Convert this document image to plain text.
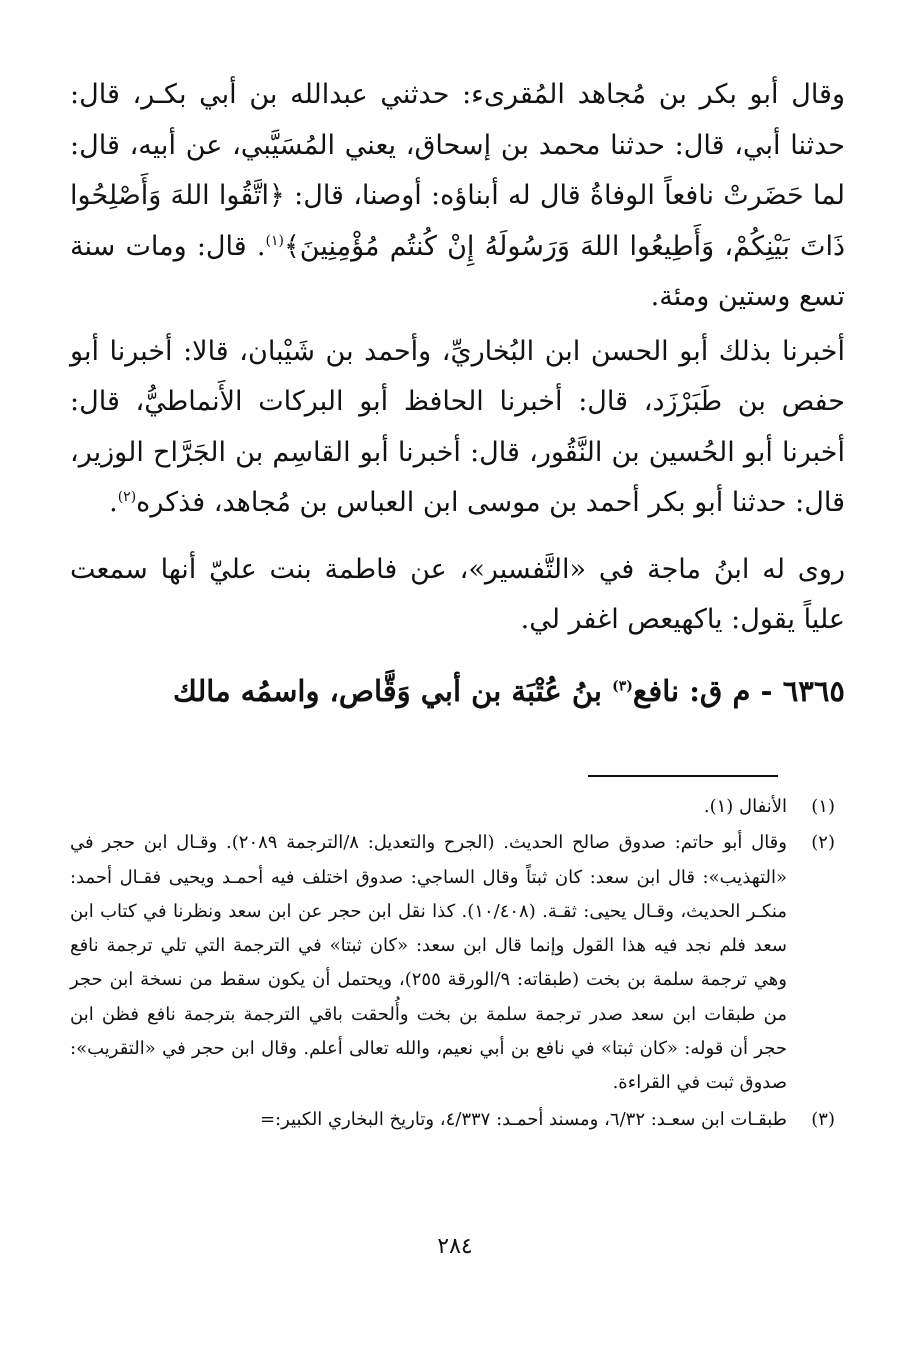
وقال أبو بكر بن مُجاهد المُقرىء: حدثني عبدالله بن أبي بكـر، قال: حدثنا أبي، قال: حدثنا محمد بن إسحاق، يعني المُسَيَّبي، عن أبيه، قال: لما حَضَرتْ نافعاً الوفاةُ قال له أبناؤه: أوصنا، قال: ﴿اتَّقُوا اللهَ وَأَصْلِحُوا ذَاتَ بَيْنِكُمْ، وَأَطِيعُوا اللهَ وَرَسُولَهُ إِنْ كُنتُم مُؤْمِنِينَ﴾$^{(١)}$. قال: ومات سنة تسع وستين ومئة.

أخبرنا بذلك أبو الحسن ابن البُخاريِّ، وأحمد بن شَيْبان، قالا: أخبرنا أبو حفص بن طَبَرْزَد، قال: أخبرنا الحافظ أبو البركات الأَنماطيُّ، قال: أخبرنا أبو الحُسين بن النَّقُور، قال: أخبرنا أبو القاسِم بن الجَرَّاح الوزير، قال: حدثنا أبو بكر أحمد بن موسى ابن العباس بن مُجاهد، فذكره$^{(٢)}$.

روى له ابنُ ماجة في «التَّفسير»، عن فاطمة بنت عليّ أنها سمعت علياً يقول: ياكهيعص اغفر لي.

٦٣٦٥ - م ق: نافع$^{(٣)}$ بنُ عُتْبَة بن أبي وَقَّاص، واسمُه مالك

(١)
الأنفال (١).
(٢)
وقال أبو حاتم: صدوق صالح الحديث. (الجرح والتعديل: ٨/الترجمة ٢٠٨٩). وقـال ابن حجر في «التهذيب»: قال ابن سعد: كان ثبتاً وقال الساجي: صدوق اختلف فيه أحمـد ويحيى فقـال أحمد: منكـر الحديث، وقـال يحيى: ثقـة. (١٠/٤٠٨). كذا نقل ابن حجر عن ابن سعد ونظرنا في كتاب ابن سعد فلم نجد فيه هذا القول وإنما قال ابن سعد: «كان ثبتا» في الترجمة التي تلي ترجمة نافع وهي ترجمة سلمة بن بخت (طبقاته: ٩/الورقة ٢٥٥)، ويحتمل أن يكون سقط من نسخة ابن حجر من طبقات ابن سعد صدر ترجمة سلمة بن بخت وأُلحقت باقي الترجمة بترجمة نافع فظن ابن حجر أن قوله: «كان ثبتا» في نافع بن أبي نعيم، والله تعالى أعلم. وقال ابن حجر في «التقريب»: صدوق ثبت في القراءة.
(٣)
طبقـات ابن سعـد: ٦/٣٢، ومسند أحمـد: ٤/٣٣٧، وتاريخ البخاري الكبير:=
٢٨٤
